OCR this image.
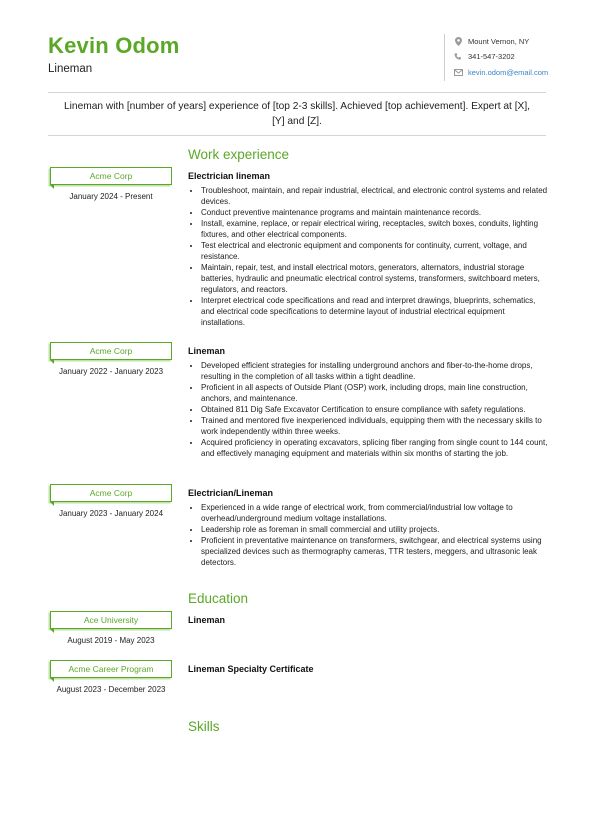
Kevin Odom
Lineman
Mount Vernon, NY
341-547-3202
kevin.odom@email.com
Lineman with [number of years] experience of [top 2-3 skills]. Achieved [top achievement]. Expert at [X], [Y] and [Z].
Work experience
Acme Corp
January 2024 - Present
Electrician lineman
• Troubleshoot, maintain, and repair industrial, electrical, and electronic control systems and related devices.
• Conduct preventive maintenance programs and maintain maintenance records.
• Install, examine, replace, or repair electrical wiring, receptacles, switch boxes, conduits, lighting fixtures, and other electrical components.
• Test electrical and electronic equipment and components for continuity, current, voltage, and resistance.
• Maintain, repair, test, and install electrical motors, generators, alternators, industrial storage batteries, hydraulic and pneumatic electrical control systems, transformers, switchboard meters, regulators, and reactors.
• Interpret electrical code specifications and read and interpret drawings, blueprints, schematics, and electrical code specifications to determine layout of industrial electrical equipment installations.
Acme Corp
January 2022 - January 2023
Lineman
• Developed efficient strategies for installing underground anchors and fiber-to-the-home drops, resulting in the completion of all tasks within a tight deadline.
• Proficient in all aspects of Outside Plant (OSP) work, including drops, main line construction, anchors, and maintenance.
• Obtained 811 Dig Safe Excavator Certification to ensure compliance with safety regulations.
• Trained and mentored five inexperienced individuals, equipping them with the necessary skills to work independently within three weeks.
• Acquired proficiency in operating excavators, splicing fiber ranging from single count to 144 count, and effectively managing equipment and materials within six months of starting the job.
Acme Corp
January 2023 - January 2024
Electrician/Lineman
• Experienced in a wide range of electrical work, from commercial/industrial low voltage to overhead/underground medium voltage installations.
• Leadership role as foreman in small commercial and utility projects.
• Proficient in preventative maintenance on transformers, switchgear, and electrical systems using specialized devices such as thermography cameras, TTR testers, meggers, and ultrasonic leak detectors.
Education
Ace University
August 2019 - May 2023
Lineman
Acme Career Program
August 2023 - December 2023
Lineman Specialty Certificate
Skills
